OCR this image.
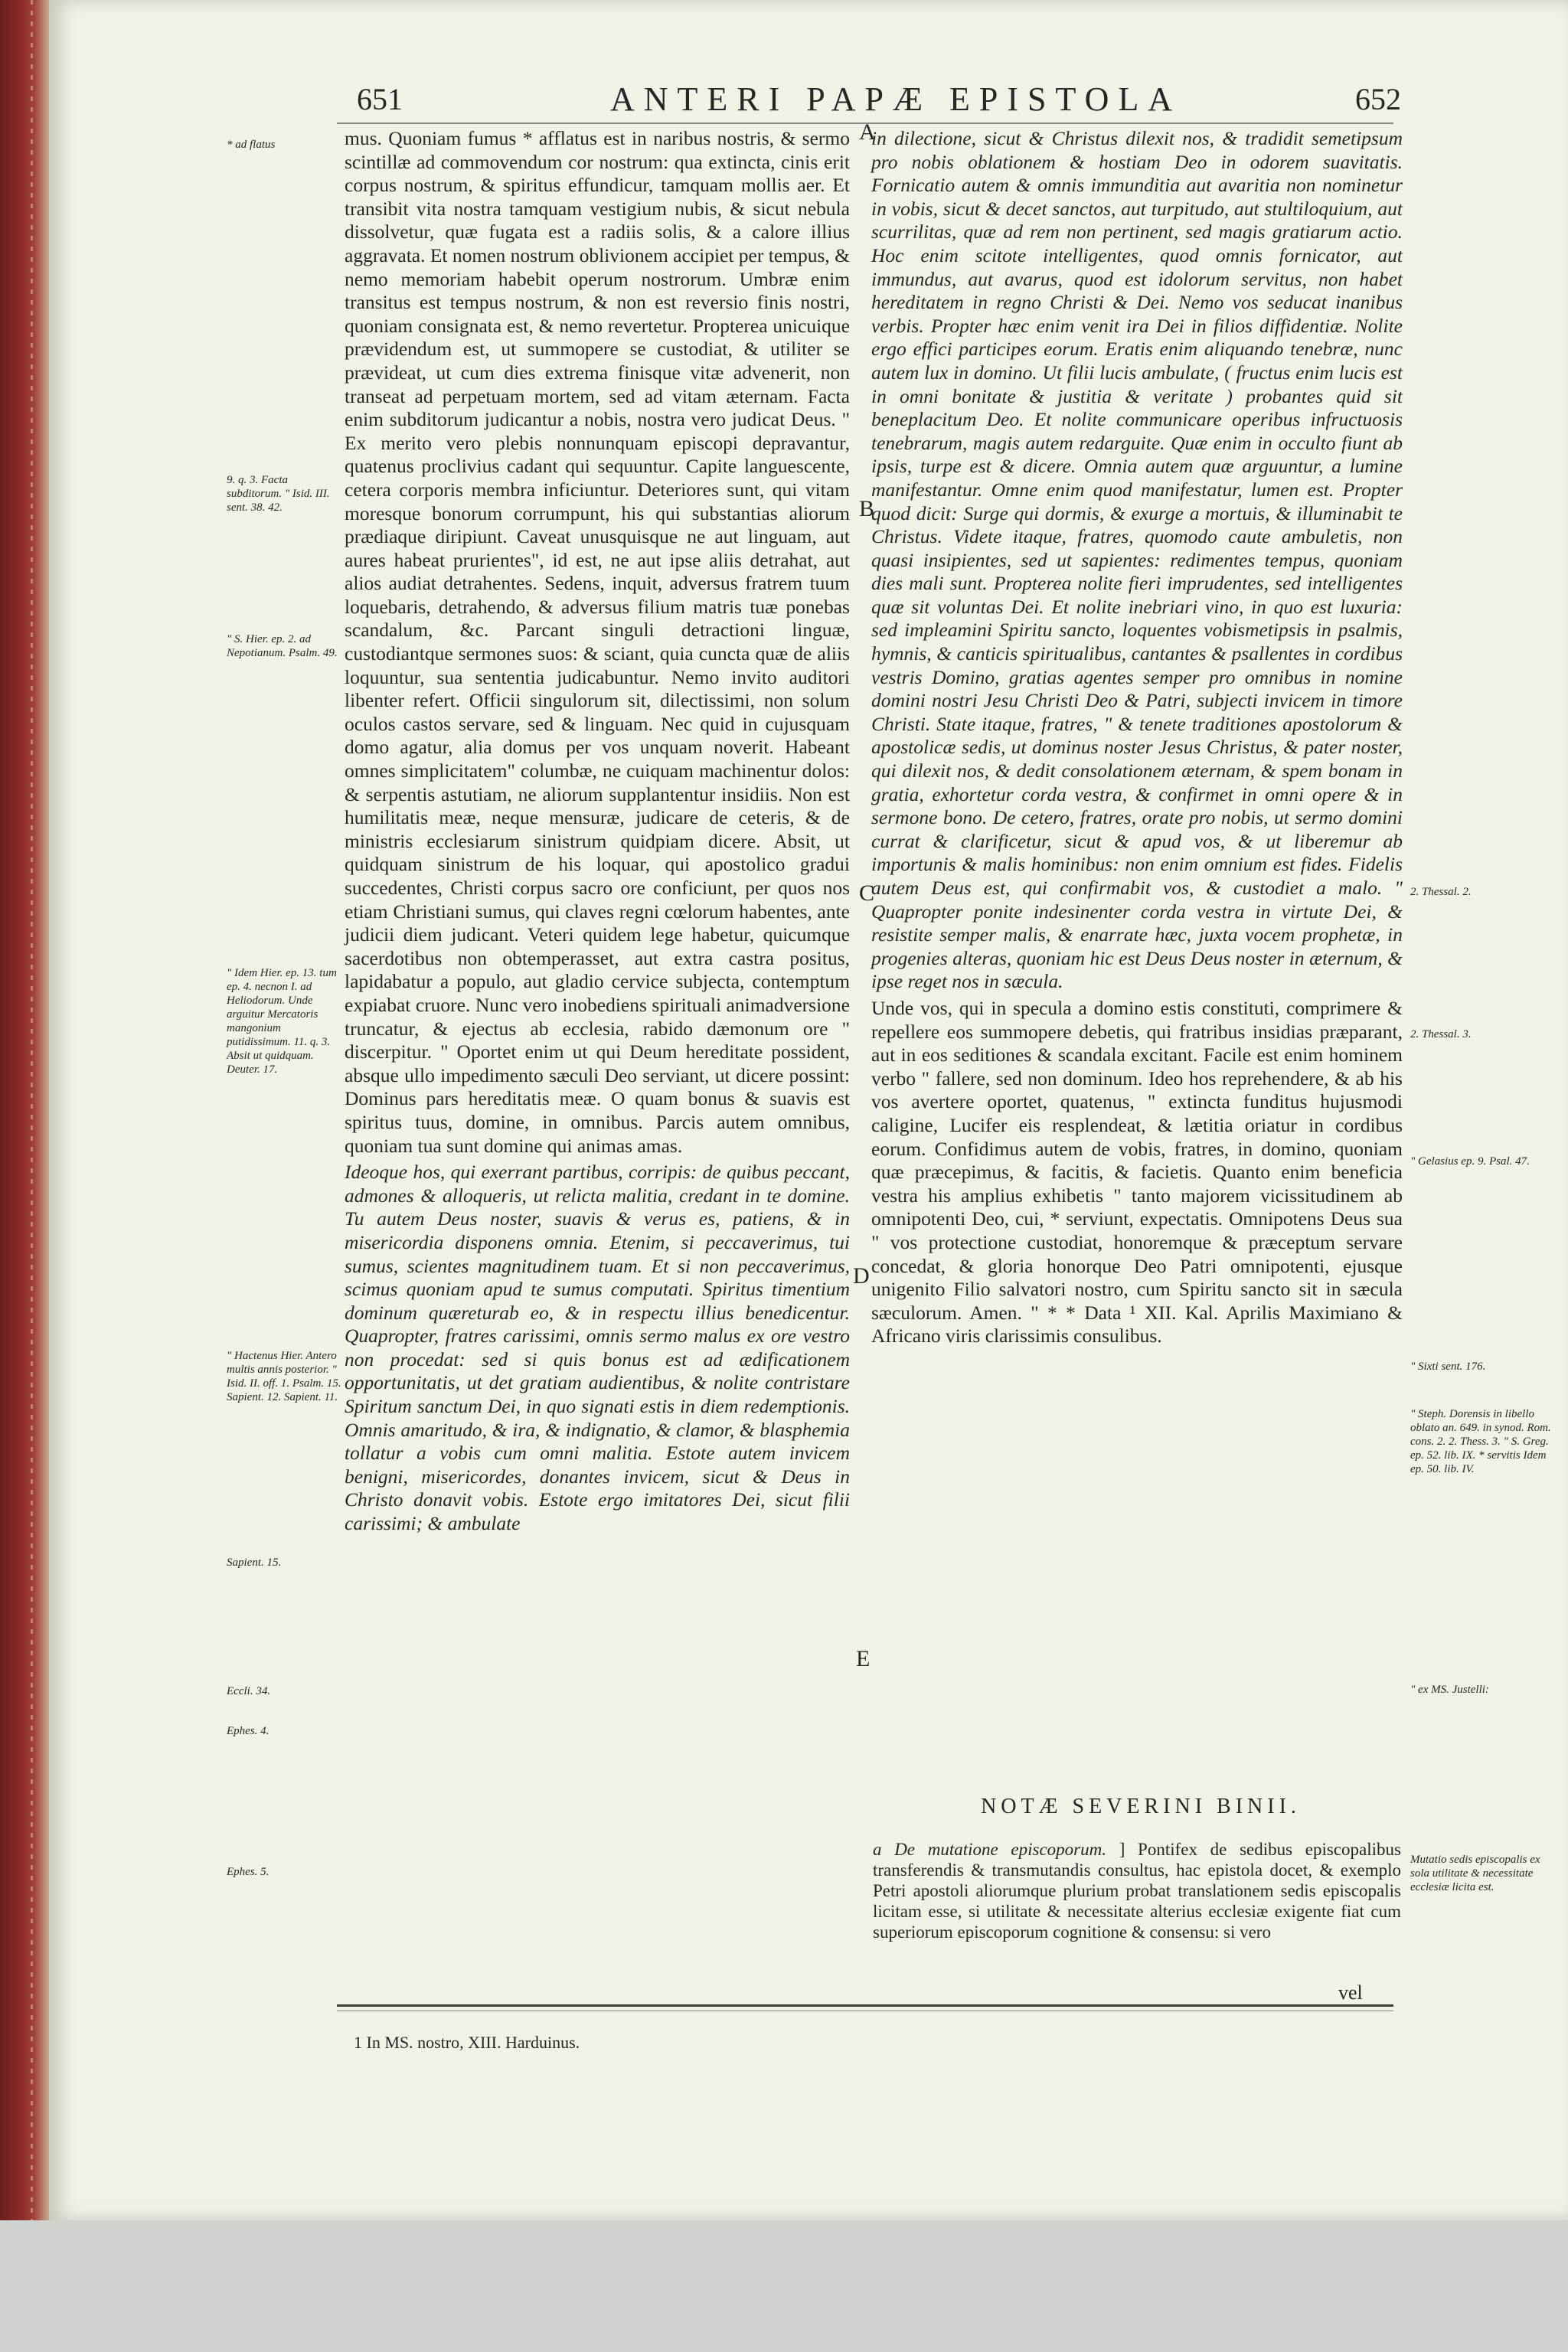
651	ANTERI PAPÆ EPISTOLA	652

mus. Quoniam fumus * afflatus est in naribus nostris, & sermo scintillæ ad commovendum cor nostrum: qua extincta, cinis erit corpus nostrum, & spiritus effundicur, tamquam mollis aer. Et transibit vita nostra tamquam vestigium nubis, & sicut nebula dissolvetur, quæ fugata est a radiis solis, & a calore illius aggravata. Et nomen nostrum oblivionem accipiet per tempus, & nemo memoriam habebit operum nostrorum. Umbræ enim transitus est tempus nostrum, & non est reversio finis nostri, quoniam consignata est, & nemo revertetur. Propterea unicuique prævidendum est, ut summopere se custodiat, & utiliter se prævideat, ut cum dies extrema finisque vitæ advenerit, non transeat ad perpetuam mortem, sed ad vitam æternam. Facta enim subditorum judicantur a nobis, nostra vero judicat Deus. " Ex merito vero plebis nonnunquam episcopi depravantur, quatenus proclivius cadant qui sequuntur. Capite languescente, cetera corporis membra inficiuntur. Deteriores sunt, qui vitam moresque bonorum corrumpunt, his qui substantias aliorum prædiaque diripiunt. Caveat unusquisque ne aut linguam, aut aures habeat prurientes", id est, ne aut ipse aliis detrahat, aut alios audiat detrahentes. Sedens, inquit, adversus fratrem tuum loquebaris, detrahendo, & adversus filium matris tuæ ponebas scandalum, &c. Parcant singuli detractioni linguæ, custodiantque sermones suos: & sciant, quia cuncta quæ de aliis loquuntur, sua sententia judicabuntur. Nemo invito auditori libenter refert. Officii singulorum sit, dilectissimi, non solum oculos castos servare, sed & linguam. Nec quid in cujusquam domo agatur, alia domus per vos unquam noverit. Habeant omnes simplicitatem" columbæ, ne cuiquam machinentur dolos: & serpentis astutiam, ne aliorum supplantentur insidiis. Non est humilitatis meæ, neque mensuræ, judicare de ceteris, & de ministris ecclesiarum sinistrum quidpiam dicere. Absit, ut quidquam sinistrum de his loquar, qui apostolico gradui succedentes, Christi corpus sacro ore conficiunt, per quos nos etiam Christiani sumus, qui claves regni cœlorum habentes, ante judicii diem judicant. Veteri quidem lege habetur, quicumque sacerdotibus non obtemperasset, aut extra castra positus, lapidabatur a populo, aut gladio cervice subjecta, contemptum expiabat cruore. Nunc vero inobediens spirituali animadversione truncatur, & ejectus ab ecclesia, rabido dæmonum ore " discerpitur. " Oportet enim ut qui Deum hereditate possident, absque ullo impedimento sæculi Deo serviant, ut dicere possint: Dominus pars hereditatis meæ. O quam bonus & suavis est spiritus tuus, domine, in omnibus. Parcis autem omnibus, quoniam tua sunt domine qui animas amas.

Ideoque hos, qui exerrant partibus, corripis: de quibus peccant, admones & alloqueris, ut relicta malitia, credant in te domine. Tu autem Deus noster, suavis & verus es, patiens, & in misericordia disponens omnia. Etenim, si peccaverimus, tui sumus, scientes magnitudinem tuam. Et si non peccaverimus, scimus quoniam apud te sumus computati. Spiritus timentium dominum quæreturab eo, & in respectu illius benedicentur. Quapropter, fratres carissimi, omnis sermo malus ex ore vestro non procedat: sed si quis bonus est ad ædificationem opportunitatis, ut det gratiam audientibus, & nolite contristare Spiritum sanctum Dei, in quo signati estis in diem redemptionis. Omnis amaritudo, & ira, & indignatio, & clamor, & blasphemia tollatur a vobis cum omni malitia. Estote autem invicem benigni, misericordes, donantes invicem, sicut & Deus in Christo donavit vobis. Estote ergo imitatores Dei, sicut filii carissimi; & ambulate

in dilectione, sicut & Christus dilexit nos, & tradidit semetipsum pro nobis oblationem & hostiam Deo in odorem suavitatis. Fornicatio autem & omnis immunditia aut avaritia non nominetur in vobis, sicut & decet sanctos, aut turpitudo, aut stultiloquium, aut scurrilitas, quæ ad rem non pertinent, sed magis gratiarum actio. Hoc enim scitote intelligentes, quod omnis fornicator, aut immundus, aut avarus, quod est idolorum servitus, non habet hereditatem in regno Christi & Dei. Nemo vos seducat inanibus verbis. Propter hæc enim venit ira Dei in filios diffidentiæ. Nolite ergo effici participes eorum. Eratis enim aliquando tenebræ, nunc autem lux in domino. Ut filii lucis ambulate, ( fructus enim lucis est in omni bonitate & justitia & veritate ) probantes quid sit beneplacitum Deo. Et nolite communicare operibus infructuosis tenebrarum, magis autem redarguite. Quæ enim in occulto fiunt ab ipsis, turpe est & dicere. Omnia autem quæ arguuntur, a lumine manifestantur. Omne enim quod manifestatur, lumen est. Propter quod dicit: Surge qui dormis, & exurge a mortuis, & illuminabit te Christus. Videte itaque, fratres, quomodo caute ambuletis, non quasi insipientes, sed ut sapientes: redimentes tempus, quoniam dies mali sunt. Propterea nolite fieri imprudentes, sed intelligentes quæ sit voluntas Dei. Et nolite inebriari vino, in quo est luxuria: sed impleamini Spiritu sancto, loquentes vobismetipsis in psalmis, hymnis, & canticis spiritualibus, cantantes & psallentes in cordibus vestris Domino, gratias agentes semper pro omnibus in nomine domini nostri Jesu Christi Deo & Patri, subjecti invicem in timore Christi. State itaque, fratres, " & tenete traditiones apostolorum & apostolicæ sedis, ut dominus noster Jesus Christus, & pater noster, qui dilexit nos, & dedit consolationem æternam, & spem bonam in gratia, exhortetur corda vestra, & confirmet in omni opere & in sermone bono. De cetero, fratres, orate pro nobis, ut sermo domini currat & clarificetur, sicut & apud vos, & ut liberemur ab importunis & malis hominibus: non enim omnium est fides. Fidelis autem Deus est, qui confirmabit vos, & custodiet a malo. " Quapropter ponite indesinenter corda vestra in virtute Dei, & resistite semper malis, & enarrate hæc, juxta vocem prophetæ, in progenies alteras, quoniam hic est Deus Deus noster in æternum, & ipse reget nos in sæcula.

Unde vos, qui in specula a domino estis constituti, comprimere & repellere eos summopere debetis, qui fratribus insidias præparant, aut in eos seditiones & scandala excitant. Facile est enim hominem verbo " fallere, sed non dominum. Ideo hos reprehendere, & ab his vos avertere oportet, quatenus, " extincta funditus hujusmodi caligine, Lucifer eis resplendeat, & lætitia oriatur in cordibus eorum. Confidimus autem de vobis, fratres, in domino, quoniam quæ præcepimus, & facitis, & facietis. Quanto enim beneficia vestra his amplius exhibetis " tanto majorem vicissitudinem ab omnipotenti Deo, cui, * serviunt, expectatis. Omnipotens Deus sua " vos protectione custodiat, honoremque & præceptum servare concedat, & gloria honorque Deo Patri omnipotenti, ejusque unigenito Filio salvatori nostro, cum Spiritu sancto sit in sæcula sæculorum. Amen. " * * Data ¹ XII. Kal. Aprilis Maximiano & Africano viris clarissimis consulibus.

A
B
C
D
E

* ad flatus

9. q. 3. Facta subditorum. " Isid. III. sent. 38. 42.

" S. Hier. ep. 2. ad Nepotianum. Psalm. 49.

" Idem Hier. ep. 13. tum ep. 4. necnon I. ad Heliodorum. Unde arguitur Mercatoris mangonium putidissimum. 11. q. 3. Absit ut quidquam. Deuter. 17.

" Hactenus Hier. Antero multis annis posterior. " Isid. II. off. 1. Psalm. 15. Sapient. 12. Sapient. 11.

Sapient. 15.

Eccli. 34.

Ephes. 4.

Ephes. 5.

2. Thessal. 2.

2. Thessal. 3.

" Gelasius ep. 9. Psal. 47.

" Sixti sent. 176.

" Steph. Dorensis in libello oblato an. 649. in synod. Rom. cons. 2. 2. Thess. 3. " S. Greg. ep. 52. lib. IX. * servitis Idem ep. 50. lib. IV.

" ex MS. Justelli:

Mutatio sedis episcopalis ex sola utilitate & necessitate ecclesiæ licita est.

NOTÆ SEVERINI BINII.
a De mutatione episcoporum. ] Pontifex de sedibus episcopalibus transferendis & transmutandis consultus, hac epistola docet, & exemplo Petri apostoli aliorumque plurium probat translationem sedis episcopalis licitam esse, si utilitate & necessitate alterius ecclesiæ exigente fiat cum superiorum episcoporum cognitione & consensu: si vero
vel
1 In MS. nostro, XIII. Harduinus.
